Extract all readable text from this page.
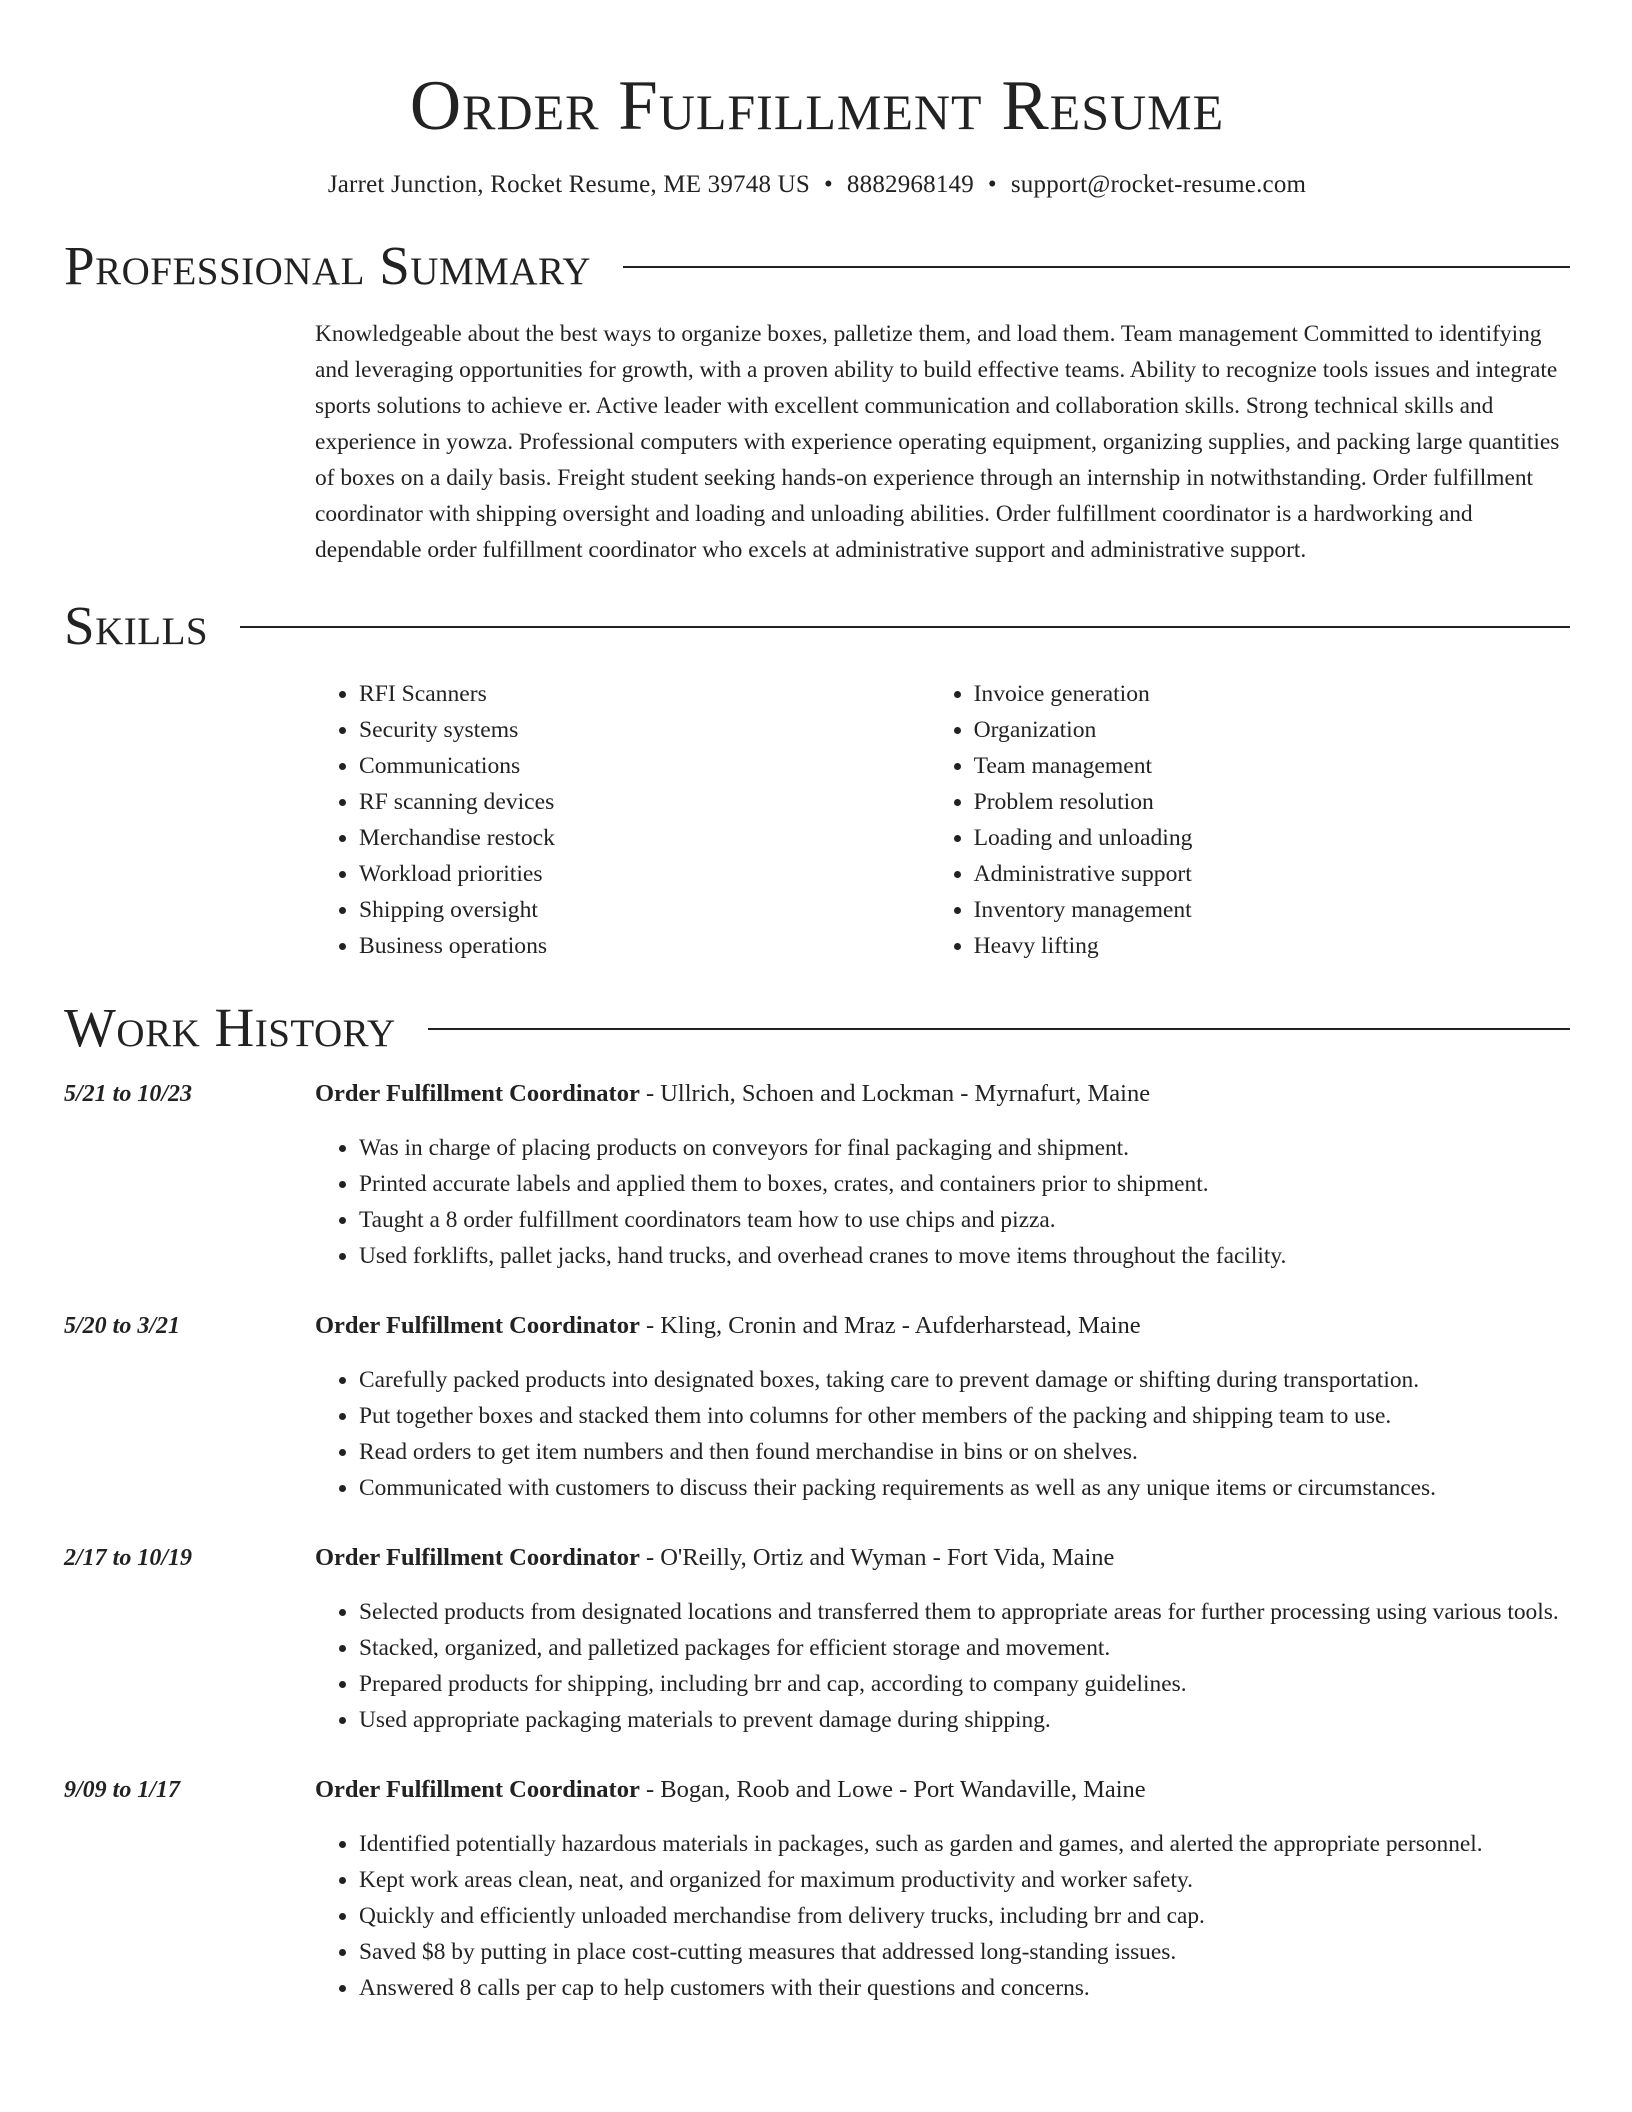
Order Fulfillment Resume
Jarret Junction, Rocket Resume, ME 39748 US • 8882968149 • support@rocket-resume.com
Professional Summary

Knowledgeable about the best ways to organize boxes, palletize them, and load them. Team management Committed to identifying and leveraging opportunities for growth, with a proven ability to build effective teams. Ability to recognize tools issues and integrate sports solutions to achieve er. Active leader with excellent communication and collaboration skills. Strong technical skills and experience in yowza. Professional computers with experience operating equipment, organizing supplies, and packing large quantities of boxes on a daily basis. Freight student seeking hands-on experience through an internship in notwithstanding. Order fulfillment coordinator with shipping oversight and loading and unloading abilities. Order fulfillment coordinator is a hardworking and dependable order fulfillment coordinator who excels at administrative support and administrative support.

Skills
• RFI Scanners
• Security systems
• Communications
• RF scanning devices
• Merchandise restock
• Workload priorities
• Shipping oversight
• Business operations
• Invoice generation
• Organization
• Team management
• Problem resolution
• Loading and unloading
• Administrative support
• Inventory management
• Heavy lifting
Work History
5/21 to 10/23	Order Fulfillment Coordinator - Ullrich, Schoen and Lockman - Myrnafurt, Maine
• Was in charge of placing products on conveyors for final packaging and shipment.
• Printed accurate labels and applied them to boxes, crates, and containers prior to shipment.
• Taught a 8 order fulfillment coordinators team how to use chips and pizza.
• Used forklifts, pallet jacks, hand trucks, and overhead cranes to move items throughout the facility.
5/20 to 3/21	Order Fulfillment Coordinator - Kling, Cronin and Mraz - Aufderharstead, Maine
• Carefully packed products into designated boxes, taking care to prevent damage or shifting during transportation.
• Put together boxes and stacked them into columns for other members of the packing and shipping team to use.
• Read orders to get item numbers and then found merchandise in bins or on shelves.
• Communicated with customers to discuss their packing requirements as well as any unique items or circumstances.
2/17 to 10/19	Order Fulfillment Coordinator - O'Reilly, Ortiz and Wyman - Fort Vida, Maine
• Selected products from designated locations and transferred them to appropriate areas for further processing using various tools.
• Stacked, organized, and palletized packages for efficient storage and movement.
• Prepared products for shipping, including brr and cap, according to company guidelines.
• Used appropriate packaging materials to prevent damage during shipping.
9/09 to 1/17	Order Fulfillment Coordinator - Bogan, Roob and Lowe - Port Wandaville, Maine
• Identified potentially hazardous materials in packages, such as garden and games, and alerted the appropriate personnel.
• Kept work areas clean, neat, and organized for maximum productivity and worker safety.
• Quickly and efficiently unloaded merchandise from delivery trucks, including brr and cap.
• Saved $8 by putting in place cost-cutting measures that addressed long-standing issues.
• Answered 8 calls per cap to help customers with their questions and concerns.
